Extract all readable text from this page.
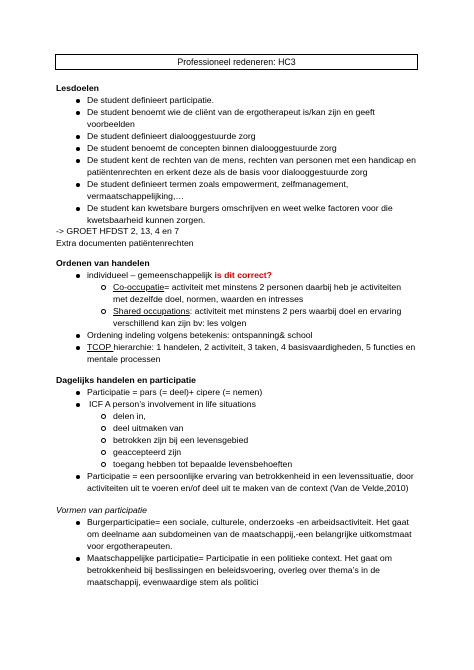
Professioneel redeneren: HC3
Lesdoelen
De student definieert participatie.
De student benoemt wie de cliënt van de ergotherapeut is/kan zijn en geeft
voorbeelden
De student definieert dialooggestuurde zorg
De student benoemt de concepten binnen dialooggestuurde zorg
De student kent de rechten van de mens, rechten van personen met een handicap en
patiëntenrechten en erkent deze als de basis voor dialooggestuurde zorg
De student definieert termen zoals empowerment, zelfmanagement,
vermaatschappelijking,…
De student kan kwetsbare burgers omschrijven en weet welke factoren voor die
kwetsbaarheid kunnen zorgen.
-> GROET HFDST 2, 13, 4 en 7
Extra documenten patiëntenrechten
Ordenen van handelen
individueel – gemeenschappelijk is dit correct?
Co-occupatie= activiteit met minstens 2 personen daarbij heb je activiteiten
met dezelfde doel, normen, waarden en intresses
Shared occupations: activiteit met minstens 2 pers waarbij doel en ervaring
verschillend kan zijn bv: les volgen
Ordening indeling volgens betekenis: ontspanning& school
TCOP hierarchie: 1 handelen, 2 activiteit, 3 taken, 4 basisvaardigheden, 5 functies en
mentale processen
Dagelijks handelen en participatie
Participatie = pars (= deel)+ cipere (= nemen)
ICF A person’s involvement in life situations
delen in,
deel uitmaken van
betrokken zijn bij een levensgebied
geaccepteerd zijn
toegang hebben tot bepaalde levensbehoeften
Participatie = een persoonlijke ervaring van betrokkenheid in een levenssituatie, door
activiteiten uit te voeren en/of deel uit te maken van de context (Van de Velde,2010)
Vormen van participatie
Burgerparticipatie= een sociale, culturele, onderzoeks -en arbeidsactiviteit. Het gaat
om deelname aan subdomeinen van de maatschappij,-een belangrijke uitkomstmaat
voor ergotherapeuten.
Maatschappelijke participatie= Participatie in een politieke context. Het gaat om
betrokkenheid bij beslissingen en beleidsvoering, overleg over thema’s in de
maatschappij, evenwaardige stem als politici
